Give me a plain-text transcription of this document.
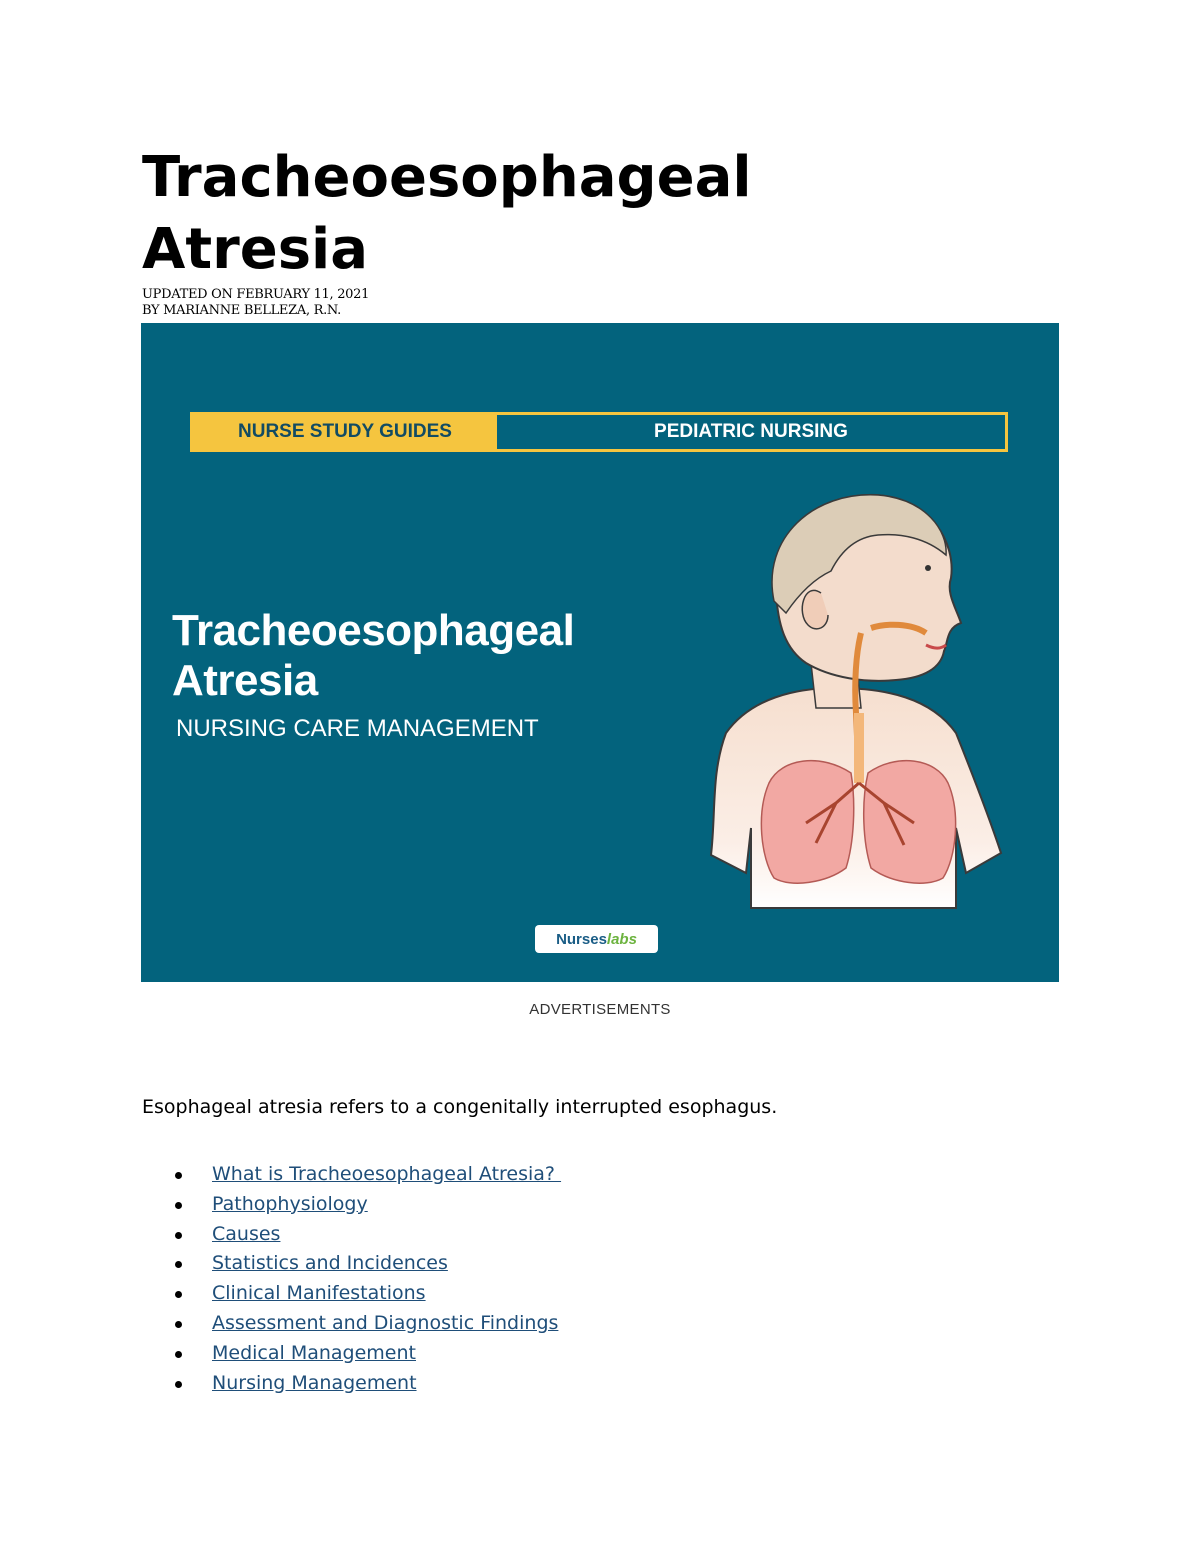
Tracheoesophageal
Atresia
UPDATED ON FEBRUARY 11, 2021
BY MARIANNE BELLEZA, R.N.
NURSE STUDY GUIDES	PEDIATRIC NURSING
Tracheoesophageal
Atresia
NURSING CARE MANAGEMENT
Nurses labs
ADVERTISEMENTS

Esophageal atresia refers to a congenitally interrupted esophagus.

What is Tracheoesophageal Atresia?
Pathophysiology
Causes
Statistics and Incidences
Clinical Manifestations
Assessment and Diagnostic Findings
Medical Management
Nursing Management
